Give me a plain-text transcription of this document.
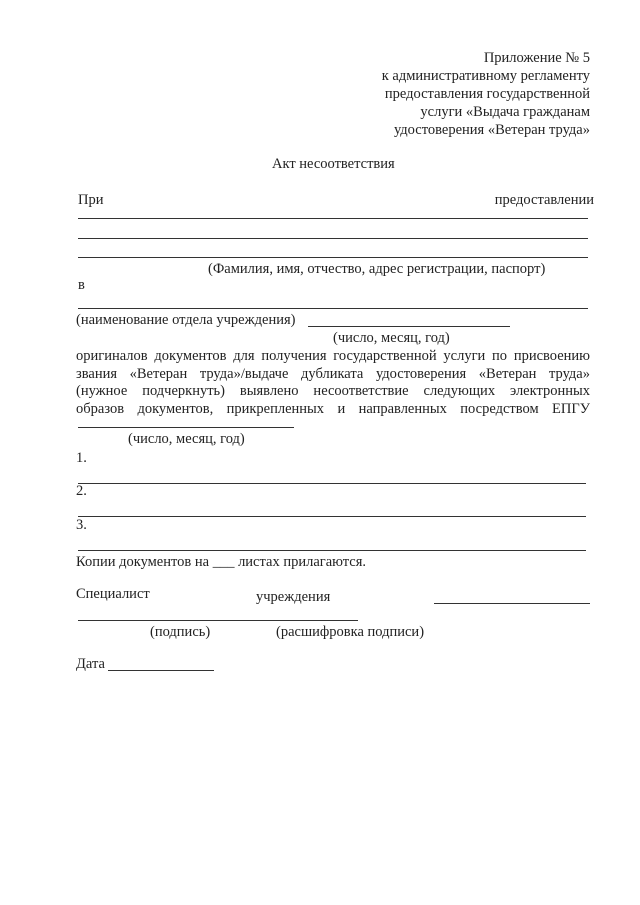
Приложение № 5
к административному регламенту
предоставления государственной
услуги «Выдача гражданам
удостоверения «Ветеран труда»
Акт несоответствия
При	предоставлении
(Фамилия, имя, отчество, адрес регистрации, паспорт)
в
(наименование отдела учреждения)
(число, месяц, год)
оригиналов документов для получения государственной услуги по присвоению
звания «Ветеран труда»/выдаче дубликата удостоверения «Ветеран труда»
(нужное подчеркнуть) выявлено несоответствие следующих электронных
образов документов, прикрепленных и направленных посредством ЕПГУ
(число, месяц, год)
1.
2.
3.
Копии документов на ___ листах прилагаются.
Специалист	учреждения
(подпись)	(расшифровка подписи)
Дата
